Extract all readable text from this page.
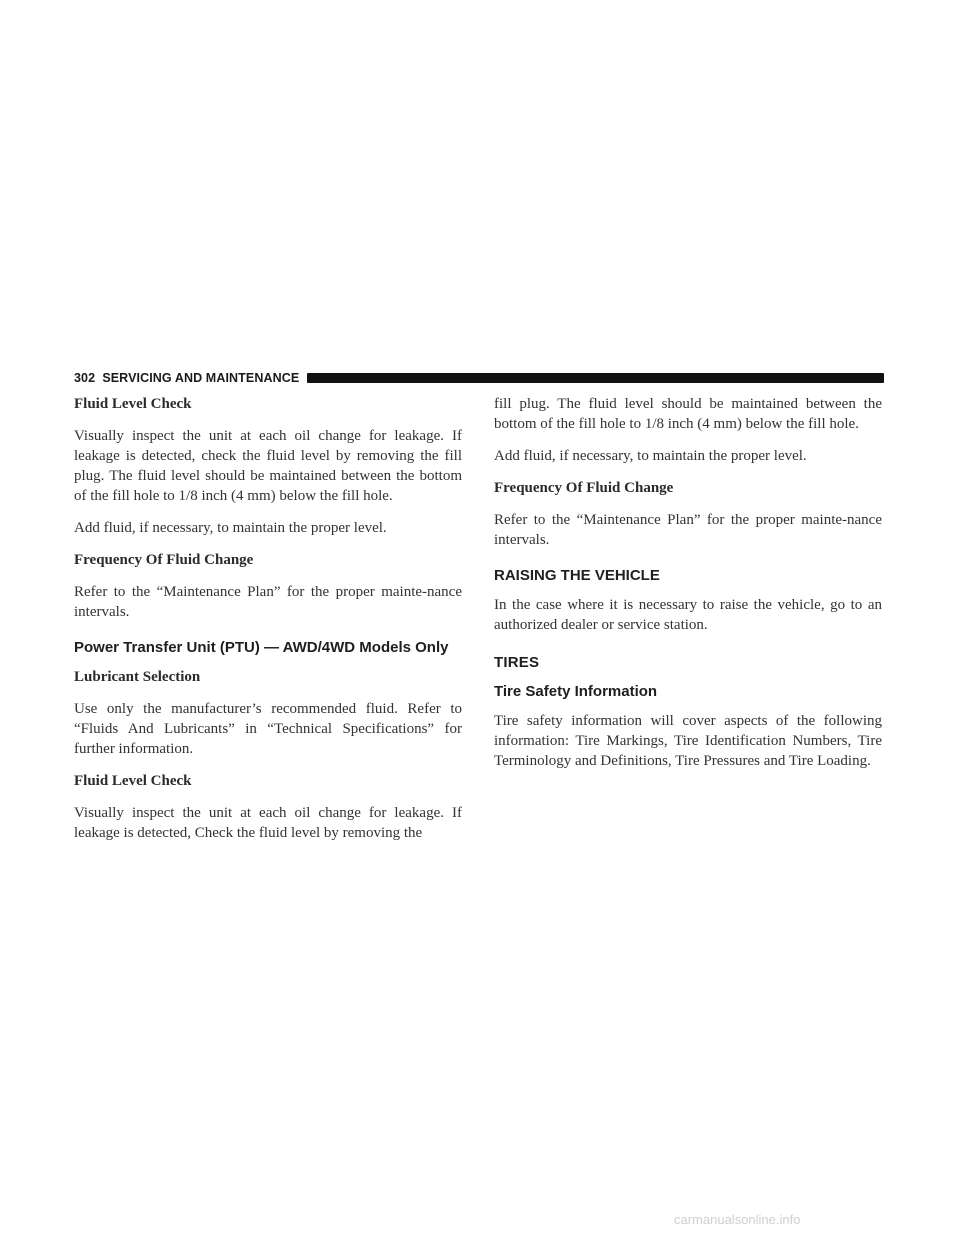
302 SERVICING AND MAINTENANCE
Fluid Level Check
Visually inspect the unit at each oil change for leakage. If leakage is detected, check the fluid level by removing the fill plug. The fluid level should be maintained between the bottom of the fill hole to 1/8 inch (4 mm) below the fill hole.
Add fluid, if necessary, to maintain the proper level.
Frequency Of Fluid Change
Refer to the “Maintenance Plan” for the proper mainte-nance intervals.
Power Transfer Unit (PTU) — AWD/4WD Models Only
Lubricant Selection
Use only the manufacturer’s recommended fluid. Refer to “Fluids And Lubricants” in “Technical Specifications” for further information.
Fluid Level Check
Visually inspect the unit at each oil change for leakage. If leakage is detected, Check the fluid level by removing the
fill plug. The fluid level should be maintained between the bottom of the fill hole to 1/8 inch (4 mm) below the fill hole.
Add fluid, if necessary, to maintain the proper level.
Frequency Of Fluid Change
Refer to the “Maintenance Plan” for the proper mainte-nance intervals.
RAISING THE VEHICLE
In the case where it is necessary to raise the vehicle, go to an authorized dealer or service station.
TIRES
Tire Safety Information
Tire safety information will cover aspects of the following information: Tire Markings, Tire Identification Numbers, Tire Terminology and Definitions, Tire Pressures and Tire Loading.
carmanualsonline.info
